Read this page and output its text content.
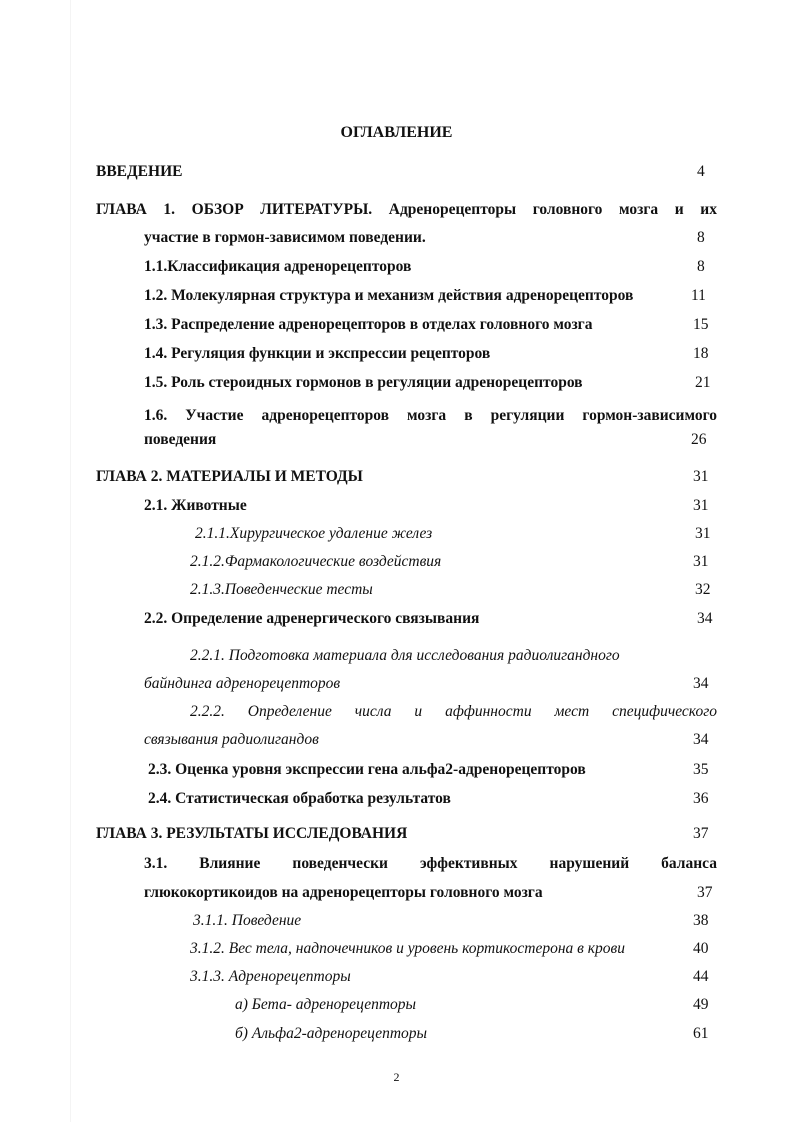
ОГЛАВЛЕНИЕ
ВВЕДЕНИЕ	4
ГЛАВА 1. ОБЗОР ЛИТЕРАТУРЫ. Адренорецепторы головного мозга и их
участие в гормон-зависимом поведении.	8
1.1.Классификация адренорецепторов	8
1.2. Молекулярная структура и механизм действия адренорецепторов	11
1.3. Распределение адренорецепторов в отделах головного мозга	15
1.4. Регуляция функции и экспрессии рецепторов	18
1.5. Роль стероидных гормонов в регуляции адренорецепторов	21
1.6. Участие адренорецепторов мозга в регуляции гормон-зависимого
поведения	26
ГЛАВА 2. МАТЕРИАЛЫ И МЕТОДЫ	31
2.1. Животные	31
2.1.1.Хирургическое удаление желез	31
2.1.2.Фармакологические воздействия	31
2.1.3.Поведенческие тесты	32
2.2. Определение адренергического связывания	34
2.2.1. Подготовка материала для исследования радиолигандного
байндинга адренорецепторов	34
2.2.2. Определение числа и аффинности мест специфического
связывания радиолигандов	34
2.3. Оценка уровня экспрессии гена альфа2-адренорецепторов	35
2.4. Статистическая обработка результатов	36
ГЛАВА 3. РЕЗУЛЬТАТЫ ИССЛЕДОВАНИЯ	37
3.1. Влияние поведенчески эффективных нарушений баланса
глюкокортикоидов на адренорецепторы головного мозга	37
3.1.1. Поведение	38
3.1.2. Вес тела, надпочечников и уровень кортикостерона в крови	40
3.1.3. Адренорецепторы	44
а) Бета- адренорецепторы	49
б) Альфа2-адренорецепторы	61
2
